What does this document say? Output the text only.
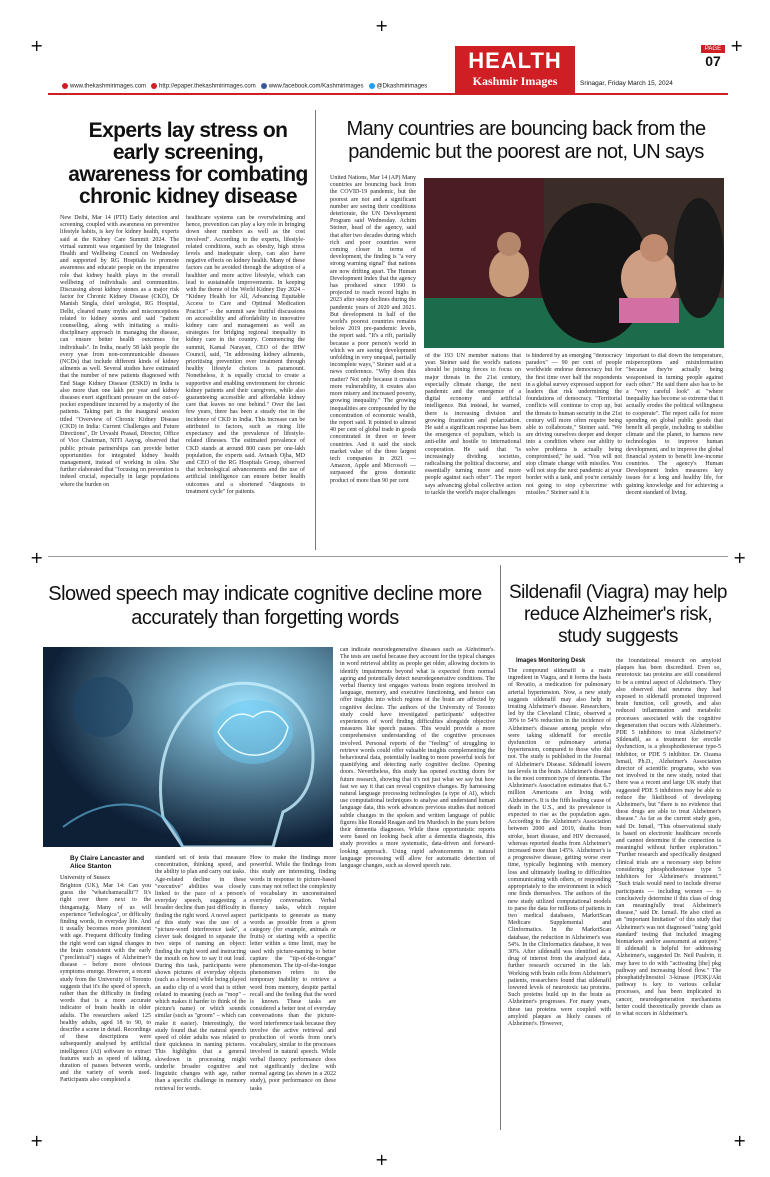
+
+
+
+	+
+
+
+
www.thekashmirimages.com http://epaper.thekashmirimages.com www.facebook.com/Kashmirimages @Dkashmirimages
HEALTH
Kashmir Images	Srinagar, Friday March 15, 2024
PAGE
07
Experts lay stress on early screening, awareness for combating chronic kidney disease
New Delhi, Mar 14 (PTI) Early detection and screening, coupled with awareness on preventive lifestyle habits, is key for kidney health, experts said at the Kidney Care Summit 2024. The virtual summit was organised by the Integrated Health and Wellbeing Council on Wednesday and supported by RG Hospitals to promote awareness and educate people on the imperative role that kidney health plays in the overall wellbeing of individuals and communities. Discussing about kidney stones as a major risk factor for Chronic Kidney Disease (CKD), Dr Manish Singla, chief urologist, RG Hospital, Delhi, cleared many myths and misconceptions related to kidney stones and said "patient counselling, along with initiating a multi-disciplinary approach in managing the disease, can ensure better health outcomes for individuals". In India, nearly 58 lakh people die every year from non-communicable diseases (NCDs) that include different kinds of kidney ailments as well. Several studies have estimated that the number of new patients diagnosed with End Stage Kidney Disease (ESKD) in India is also more than one lakh per year and kidney diseases exert significant pressure on the out-of-pocket expenditure incurred by a majority of the patients. Taking part in the inaugural session titled "Overview of Chronic Kidney Disease (CKD) in India: Current Challenges and Future Directions", Dr Urvashi Prasad, Director, Office of Vice Chairman, NITI Aayog, observed that public private partnerships can provide better opportunities for integrated kidney health management, instead of working in silos. She further elaborated that "focusing on prevention is indeed crucial, especially in large populations where the burden on
healthcare systems can be overwhelming and hence, prevention can play a key role in bringing down sheer numbers as well as the cost involved". According to the experts, lifestyle-related conditions, such as obesity, high stress levels and inadequate sleep, can also have negative effects on kidney health. Many of these factors can be avoided through the adoption of a healthier and more active lifestyle, which can lead to sustainable improvements. In keeping with the theme of the World Kidney Day 2024 – "Kidney Health for All, Advancing Equitable Access to Care and Optimal Medication Practice" – the summit saw fruitful discussions on accessibility and affordability in innovative kidney care and management as well as strategies for bridging regional inequality in kidney care in the country. Commencing the summit, Kamal Narayan, CEO of the IHW Council, said, "In addressing kidney ailments, prioritising prevention over treatment through healthy lifestyle choices is paramount. Nonetheless, it is equally crucial to create a supportive and enabling environment for chronic kidney patients and their caregivers, while also guaranteeing accessible and affordable kidney care that leaves no one behind." Over the last few years, there has been a steady rise in the incidence of CKD in India. This increase can be attributed to factors, such as rising life expectancy and the prevalence of lifestyle-related illnesses. The estimated prevalence of CKD stands at around 800 cases per one-lakh population, the experts said. Avinash Ojha, MD and CEO of the RG Hospitals Group, observed that technological advancements and the use of artificial intelligence can ensure better health outcomes and a shortened "diagnosis to treatment cycle" for patients.
Many countries are bouncing back from the pandemic but the poorest are not, UN says
United Nations, Mar 14 (AP) Many countries are bouncing back from the COVID-19 pandemic, but the poorest are not and a significant number are seeing their conditions deteriorate, the UN Development Program said Wednesday. Achim Steiner, head of the agency, said that after two decades during which rich and poor countries were coming closer in terms of development, the finding is "a very strong warning signal" that nations are now drifting apart. The Human Development Index that the agency has produced since 1990 is projected to reach record highs in 2023 after steep declines during the pandemic years of 2020 and 2021. But development in half of the world's poorest countries remains below 2019 pre-pandemic levels, the report said. "It's a rift, partially because a poor person's world in which we are seeing development unfolding in very unequal, partially incomplete ways," Steiner said at a news conference. "Why does this matter? Not only because it creates more vulnerability, it creates also more misery and increased poverty, growing inequality." The growing inequalities are compounded by the concentration of economic wealth, the report said. It pointed to almost 40 per cent of global trade in goods concentrated in three or fewer countries. And it said the stock market value of the three largest tech companies in 2021 — Amazon, Apple and Microsoft — surpassed the gross domestic product of more than 90 per cent
of the 193 UN member nations that year. Steiner said the world's nations should be joining forces to focus on major threats in the 21st century, especially climate change, the next pandemic and the emergence of a digital economy and artificial intelligence. But instead, he warned, there is increasing division and growing frustration and polarization. He said a significant response has been the emergence of populism, which is anti-elite and hostile to international cooperation. He said that "is increasingly dividing societies, radicalising the political discourse, and essentially turning more and more people against each other". The report says advancing global collective action to tackle the world's major challenges
is hindered by an emerging "democracy paradox" — 90 per cent of people worldwide endorse democracy but for the first time over half the respondents in a global survey expressed support for leaders that risk undermining the foundations of democracy. "Territorial conflicts will continue to crop up, but the threats to human security in the 21st century will more often require being able to collaborate," Steiner said. "We are driving ourselves deeper and deeper into a condition where our ability to solve problems is actually being compromised," he said. "You will not stop climate change with missiles. You will not stop the next pandemic at your border with a tank, and you're certainly not going to stop cybercrime with missiles." Steiner said it is
important to dial down the temperature, misperceptions and misinformation "because they're actually being weaponised in turning people against each other." He said there also has to be a "very careful look" at "where inequality has become so extreme that it actually erodes the political willingness to cooperate". The report calls for more spending on global public goods that benefit all people, including to stabilise climate and the planet, to harness new technologies to improve human development, and to improve the global financial system to benefit low-income countries. The agency's Human Development Index measures key issues for a long and healthy life, for gaining knowledge and for achieving a decent standard of living.
Slowed speech may indicate cognitive decline more accurately than forgetting words
By Claire Lancaster and Alice Stanton
University of Sussex
Brighton (UK), Mar 14: Can you guess the "whatchamacallit"? It's right over there next to the thingamajig. Many of us will experience "lethologica", or difficulty finding words, in everyday life. And it usually becomes more prominent with age. Frequent difficulty finding the right word can signal changes in the brain consistent with the early ("preclinical") stages of Alzheimer's disease – before more obvious symptoms emerge. However, a recent study from the University of Toronto suggests that it's the speed of speech, rather than the difficulty in finding words that is a more accurate indicator of brain health in older adults. The researchers asked 125 healthy adults, aged 18 to 90, to describe a scene in detail. Recordings of these descriptions were subsequently analysed by artificial intelligence (AI) software to extract features such as speed of talking, duration of pauses between words, and the variety of words used. Participants also completed a
standard set of tests that measure concentration, thinking speed, and the ability to plan and carry out tasks. Age-related decline in these "executive" abilities was closely linked to the pace of a person's everyday speech, suggesting a broader decline than just difficulty in finding the right word. A novel aspect of this study was the use of a "picture-word interference task", a clever task designed to separate the two steps of naming an object: finding the right word and instructing the mouth on how to say it out loud. During this task, participants were shown pictures of everyday objects (such as a broom) while being played an audio clip of a word that is either related in meaning (such as "mop" – which makes it harder to think of the picture's name) or which sounds similar (such as "groom" – which can make it easier). Interestingly, the study found that the natural speech speed of older adults was related to their quickness in naming pictures. This highlights that a general slowdown in processing might underlie broader cognitive and linguistic changes with age, rather than a specific challenge in memory retrieval for words.
How to make the findings more powerful. While the findings from this study are interesting, finding words in response to picture-based cues may not reflect the complexity of vocabulary in unconstrained everyday conversation. Verbal fluency tasks, which require participants to generate as many words as possible from a given category (for example, animals or fruits) or starting with a specific letter within a time limit, may be used with picture-naming to better capture the "tip-of-the-tongue" phenomenon. The tip-of-the-tongue phenomenon refers to the temporary inability to retrieve a word from memory, despite partial recall and the feeling that the word is known. These tasks are considered a better test of everyday conversations than the picture-word interference task because they involve the active retrieval and production of words from one's vocabulary, similar to the processes involved in natural speech. While verbal fluency performance does not significantly decline with normal ageing (as shown in a 2022 study), poor performance on these tasks
can indicate neurodegenerative diseases such as Alzheimer's. The tests are useful because they account for the typical changes in word retrieval ability as people get older, allowing doctors to identify impairments beyond what is expected from normal ageing and potentially detect neurodegenerative conditions. The verbal fluency test engages various brain regions involved in language, memory, and executive functioning, and hence can offer insights into which regions of the brain are affected by cognitive decline. The authors of the University of Toronto study could have investigated participants' subjective experiences of word finding difficulties alongside objective measures like speech pauses. This would provide a more comprehensive understanding of the cognitive processes involved. Personal reports of the "feeling" of struggling to retrieve words could offer valuable insights complementing the behavioural data, potentially leading to more powerful tools for quantifying and detecting early cognitive decline. Opening doors. Nevertheless, this study has opened exciting doors for future research, showing that it's not just what we say but how fast we say it that can reveal cognitive changes. By harnessing natural language processing technologies (a type of AI), which use computational techniques to analyse and understand human language data, this work advances previous studies that noticed subtle changes in the spoken and written language of public figures like Ronald Reagan and Iris Murdoch in the years before their dementia diagnoses. While these opportunistic reports were based on looking back after a dementia diagnosis, this study provides a more systematic, data-driven and forward-looking approach. Using rapid advancements in natural language processing will allow for automatic detection of language changes, such as slowed speech rate.
Sildenafil (Viagra) may help reduce Alzheimer's risk, study suggests
Images Monitoring Desk
The compound sildenafil is a main ingredient in Viagra, and it forms the basis of Revatio, a medication for pulmonary arterial hypertension. Now, a new study suggests sildenafil may also help in treating Alzheimer's disease. Researchers, led by the Cleveland Clinic, observed a 30% to 54% reduction in the incidence of Alzheimer's disease among people who were taking sildenafil for erectile dysfunction or pulmonary arterial hypertension, compared to those who did not. The study is published in the Journal of Alzheimer's Disease. Sildenafil lowers tau levels in the brain. Alzheimer's disease is the most common type of dementia. The Alzheimer's Association estimates that 6.7 million Americans are living with Alzheimer's. It is the fifth leading cause of death in the U.S., and its prevalence is expected to rise as the population ages. According to the Alzheimer's Association between 2000 and 2019, deaths from stroke, heart disease, and HIV decreased, whereas reported deaths from Alzheimer's increased more than 145%. Alzheimer's is a progressive disease, getting worse over time, typically beginning with memory loss and ultimately leading to difficulties communicating with others, or responding appropriately to the environment in which one finds themselves. The authors of the new study utilized computational models to parse the data for millions of patients in two medical databases, MarketScan Medicare Supplemental and Clinformatics. In the MarketScan database, the reduction in Alzheimer's was 54%. In the Clinformatics database, it was 30%. After sildenafil was identified as a drug of interest from the analyzed data, further research occurred in the lab. Working with brain cells from Alzheimer's patients, researchers found that sildenafil lowered levels of neurotoxic tau proteins. Such proteins build up in the brain as Alzheimer's progresses. For many years, these tau proteins were coupled with amyloid plaques as likely causes of Alzheimer's. However,
the foundational research on amyloid plaques has been discredited. Even so, neurotoxic tau proteins are still considered to be a central aspect of Alzheimer's. They also observed that neurons they had exposed to sildenafil promoted improved brain function, cell growth, and also reduced inflammation and metabolic processes associated with the cognitive degeneration that occurs with Alzheimer's. PDE 5 inhibitors to treat Alzheimer's? Sildenafil, as a treatment for erectile dysfunction, is a phosphodiesterase type-5 inhibitor, or PDE 5 inhibitor. Dr. Ozama Ismail, Ph.D., Alzheimer's Association director of scientific programs, who was not involved in the new study, noted that there was a recent and large UK study that suggested PDE 5 inhibitors may be able to reduce the likelihood of developing Alzheimer's, but "there is no evidence that these drugs are able to treat Alzheimer's disease." As far as the current study goes, said Dr. Ismail, "This observational study is based on electronic healthcare records and cannot determine if the connection is meaningful without further exploration." "Further research and specifically designed clinical trials are a necessary step before considering phosphodiesterase type 5 inhibitors for Alzheimer's treatment." "Such trials would need to include diverse participants — including women — to conclusively determine if this class of drug can meaningfully treat Alzheimer's disease," said Dr. Ismail. He also cited as an "important limitation" of this study that Alzheimer's was not diagnosed "using 'gold standard' testing that included imaging biomarkers and/or assessment at autopsy." If sildenafil is helpful for addressing Alzheimer's, suggested Dr. Neil Paulvin, it may have to do with "activating [the] pkg pathway and increasing blood flow." The phosphatidylinositol 3-kinase (PI3K)/Akt pathway is key to various cellular processes, and has been implicated in cancer, neurodegeneration mechanisms better could theoretically provide clues as to what occurs in Alzheimer's.
